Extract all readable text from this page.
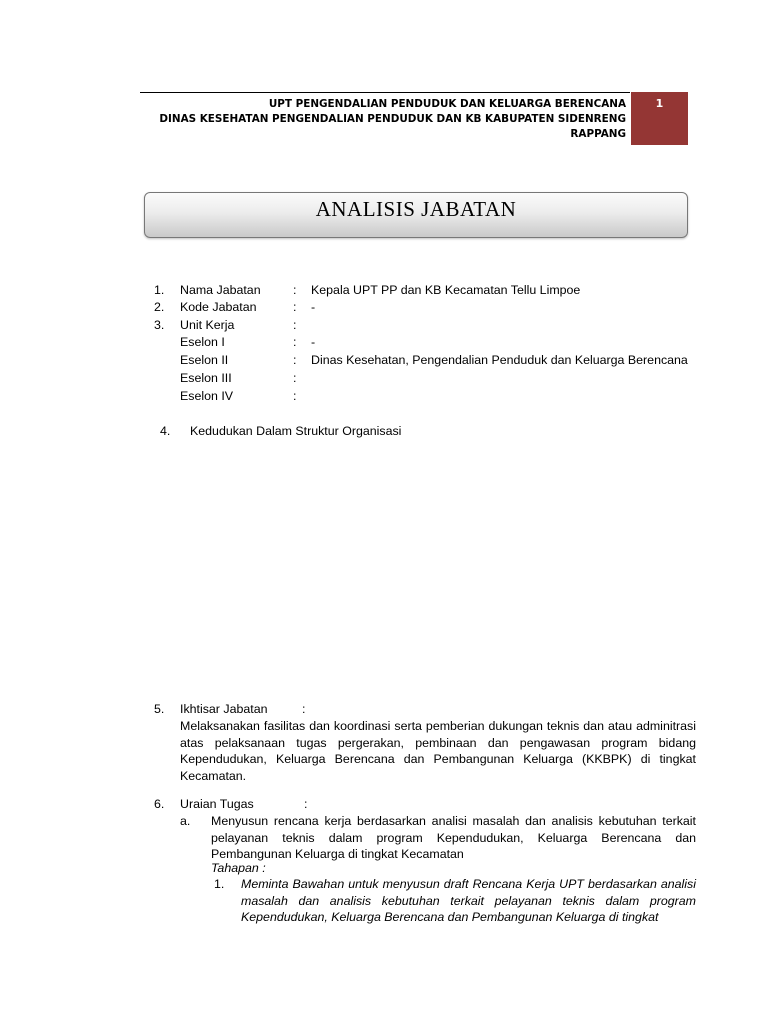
UPT PENGENDALIAN PENDUDUK DAN KELUARGA BERENCANA
DINAS KESEHATAN PENGENDALIAN PENDUDUK DAN KB KABUPATEN SIDENRENG
RAPPANG
1
ANALISIS JABATAN
1. Nama Jabatan	: Kepala UPT PP dan KB Kecamatan Tellu Limpoe
2. Kode Jabatan	: -
3. Unit Kerja	:
Eselon I	: -
Eselon II	: Dinas Kesehatan, Pengendalian Penduduk dan Keluarga Berencana
Eselon III	:
Eselon IV	:
4. Kedudukan Dalam Struktur Organisasi
5. Ikhtisar Jabatan	:
Melaksanakan fasilitas dan koordinasi serta pemberian dukungan teknis dan atau adminitrasi atas pelaksanaan tugas pergerakan, pembinaan dan pengawasan program bidang Kependudukan, Keluarga Berencana dan Pembangunan Keluarga (KKBPK) di tingkat Kecamatan.
6. Uraian Tugas	:
a. Menyusun rencana kerja berdasarkan analisi masalah dan analisis kebutuhan terkait pelayanan teknis dalam program Kependudukan, Keluarga Berencana dan Pembangunan Keluarga di tingkat Kecamatan
Tahapan :
1. Meminta Bawahan untuk menyusun draft Rencana Kerja UPT berdasarkan analisi masalah dan analisis kebutuhan terkait pelayanan teknis dalam program Kependudukan, Keluarga Berencana dan Pembangunan Keluarga di tingkat
